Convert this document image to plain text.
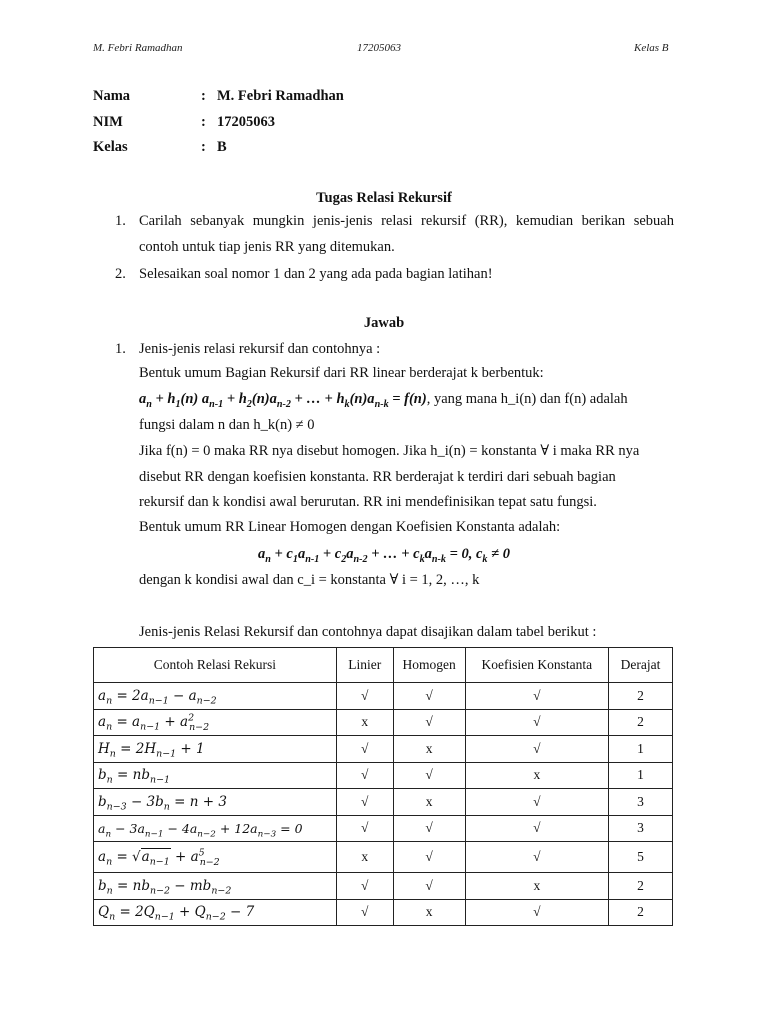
M. Febri Ramadhan	17205063	Kelas B
Nama	: M. Febri Ramadhan
NIM	: 17205063
Kelas	: B
Tugas Relasi Rekursif
1. Carilah sebanyak mungkin jenis-jenis relasi rekursif (RR), kemudian berikan sebuah
contoh untuk tiap jenis RR yang ditemukan.
2. Selesaikan soal nomor 1 dan 2 yang ada pada bagian latihan!
Jawab
1. Jenis-jenis relasi rekursif dan contohnya :
Bentuk umum Bagian Rekursif dari RR linear berderajat k berbentuk:
$a_n + h_1(n) a_{n-1} + h_2(n)a_{n-2}$ + … + $h_k(n)a_{n-k} = f(n)$, yang mana h_i(n) dan f(n) adalah
fungsi dalam n dan h_k(n) ≠ 0
Jika f(n) = 0 maka RR nya disebut homogen. Jika h_i(n) = konstanta ∀ i maka RR nya
disebut RR dengan koefisien konstanta. RR berderajat k terdiri dari sebuah bagian
rekursif dan k kondisi awal berurutan. RR ini mendefinisikan tepat satu fungsi.
Bentuk umum RR Linear Homogen dengan Koefisien Konstanta adalah:
$a_n + c_1a_{n-1} + c_2a_{n-2}$ + … + $c_ka_{n-k} = 0$, $c_k \ne 0$
dengan k kondisi awal dan c_i = konstanta ∀ i = 1, 2, …, k
Jenis-jenis Relasi Rekursif dan contohnya dapat disajikan dalam tabel berikut :
Contoh Relasi Rekursi	Linier	Homogen	Koefisien Konstanta	Derajat
$a_n = 2a_{n-1} - a_{n-2}$	√	√	√	2
$a_n = a_{n-1} + a^2_{n-2}$	x	√	√	2
$H_n = 2H_{n-1} + 1$	√	x	√	1
$b_n = nb_{n-1}$	√	√	x	1
$b_{n-3} - 3b_n = n + 3$	√	x	√	3
$a_n - 3a_{n-1} - 4a_{n-2} + 12a_{n-3} = 0$	√	√	√	3
$a_n = √a_{n-1} + a^5_{n-2}$	x	√	√	5
$b_n = nb_{n-2} - mb_{n-2}$	√	√	x	2
$Q_n = 2Q_{n-1} + Q_{n-2} - 7$	√	x	√	2
